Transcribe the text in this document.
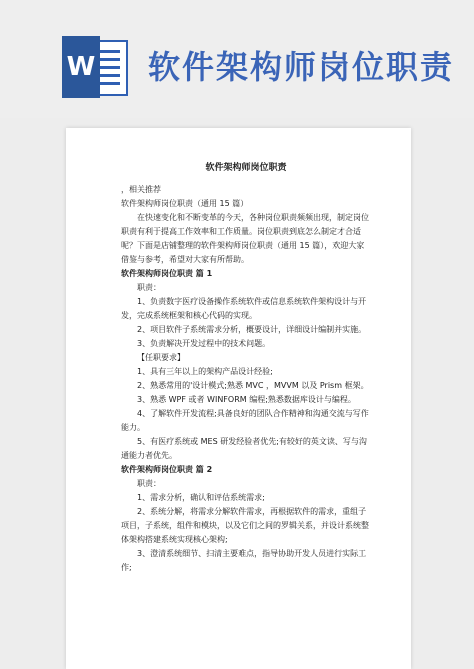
W 软件架构师岗位职责
软件架构师岗位职责

，相关推荐

软件架构师岗位职责（通用 15 篇）

在快速变化和不断变革的今天，各种岗位职责频频出现，制定岗位职责有利于提高工作效率和工作质量。岗位职责到底怎么制定才合适呢？下面是店铺整理的软件架构师岗位职责（通用 15 篇），欢迎大家借鉴与参考，希望对大家有所帮助。

软件架构师岗位职责 篇 1

职责：

1、负责数字医疗设备操作系统软件或信息系统软件架构设计与开发，完成系统框架和核心代码的实现。

2、项目软件子系统需求分析，概要设计，详细设计编制并实施。

3、负责解决开发过程中的技术问题。

【任职要求】

1、具有三年以上的架构产品设计经验;

2、熟悉常用的'设计模式;熟悉 MVC ，MVVM 以及 Prism 框架。

3、熟悉 WPF 或者 WINFORM 编程;熟悉数据库设计与编程。

4、了解软件开发流程;具备良好的团队合作精神和沟通交流与写作能力。

5、有医疗系统或 MES 研发经验者优先;有较好的英文读、写与沟通能力者优先。

软件架构师岗位职责 篇 2

职责：

1、需求分析，确认和评估系统需求;

2、系统分解，将需求分解软件需求，再根据软件的需求，重组子项目，子系统，组件和模块，以及它们之间的罗辑关系，并设计系统整体架构搭建系统实现核心架构;

3、澄清系统细节、扫清主要难点，指导协助开发人员进行实际工作;
